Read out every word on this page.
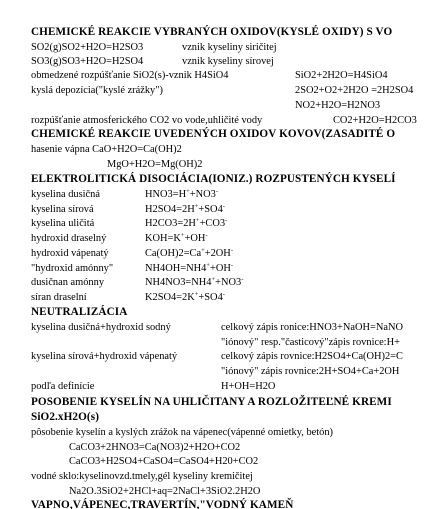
CHEMICKÉ REAKCIE VYBRANÝCH OXIDOV(KYSLÉ OXIDY) S VO
SO2(g)SO2+H2O=H2SO3	vznik kyseliny siričitej
SO3(g)SO3+H2O=H2SO4	vznik kyseliny sírovej
obmedzené rozpúšťanie SiO2(s)-vznik H4SiO4	SiO2+2H2O=H4SiO4
kyslá depozícia("kyslé zrážky")	2SO2+O2+2H2O =2H2SO4
NO2+H2O=H2NO3
rozpúšťanie atmosferického CO2 vo vode,uhličité vody	CO2+H2O=H2CO3
CHEMICKÉ REAKCIE UVEDENÝCH OXIDOV KOVOV(ZASADITÉ O
hasenie vápna CaO+H2O=Ca(OH)2
MgO+H2O=Mg(OH)2
ELEKTROLITICKÁ DISOCIÁCIA(IONIZ.) ROZPUSTENÝCH KYSELÍ
kyselina dusičná	HNO3=H++NO3-
kyselina sírová	H2SO4=2H++SO4-
kyselina uličitá	H2CO3=2H++CO3-
hydroxid draselný	KOH=K++OH-
hydroxid vápenatý	Ca(OH)2=Ca++2OH-
"hydroxid amónny"	NH4OH=NH4++OH-
dusičnan amónny	NH4NO3=NH4++NO3-
síran draselní	K2SO4=2K++SO4-
NEUTRALIZÁCIA
kyselina dusičná+hydroxid sodný	celkový zápis ronice:HNO3+NaOH=NaNO
"iónový" resp."časticový"zápis rovnice:H+
kyselina sírová+hydroxid vápenatý	celkový zápis rovnice:H2SO4+Ca(OH)2=C
"iónový" zápis rovnice:2H+SO4+Ca+2OH
podľa definície	H+OH=H2O
POSOBENIE KYSELÍN NA UHLIČITANY A ROZLOŽITEĽNÉ KREMI
SiO2.xH2O(s)
pôsobenie kyselín a kyslých zrážok na vápenec(vápenné omietky, betón)
CaCO3+2HNO3=Ca(NO3)2+H2O+CO2
CaCO3+H2SO4+CaSO4=CaSO4+H20+CO2
vodné sklo:kyselinovzd.tmely,gél kyseliny kremičitej
Na2O.3SiO2+2HCl+aq=2NaCl+3SiO2.2H2O
VAPNO,VÁPENEC,TRAVERTÍN,"VODNÝ KAMEŇ
